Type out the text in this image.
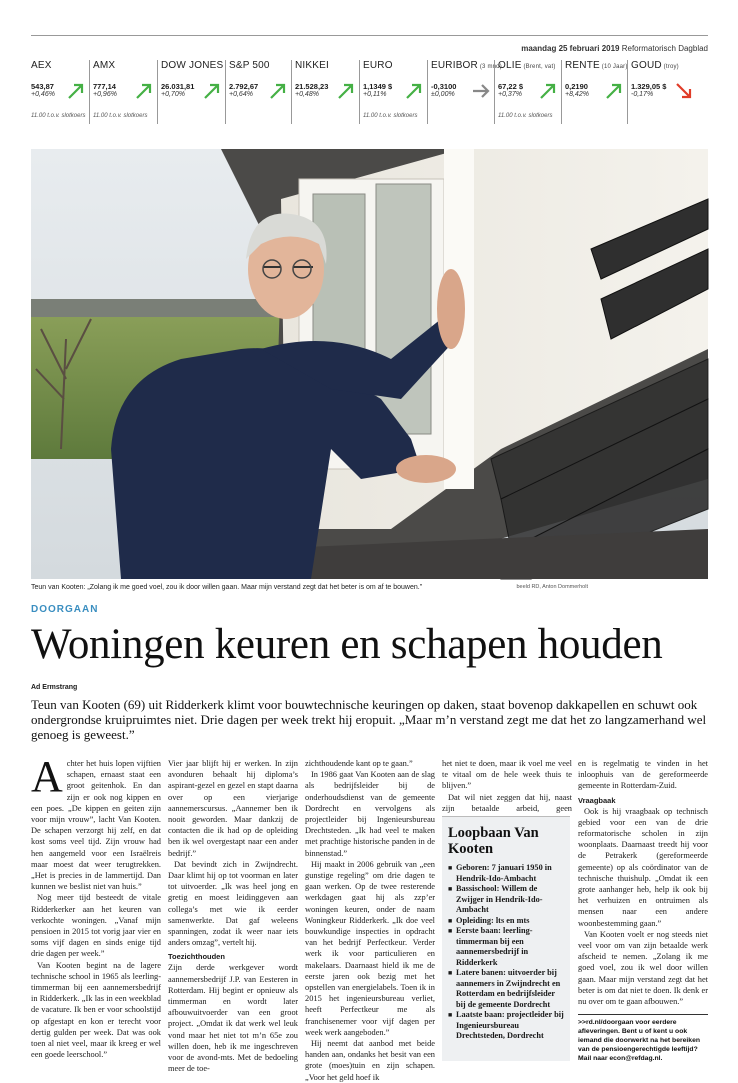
maandag 25 februari 2019 Reformatorisch Dagblad
AEX
543,87
+0,46%
11.00 t.o.v. slotkoers
AMX
777,14
+0,96%
11.00 t.o.v. slotkoers
DOW JONES
26.031,81
+0,70%
S&P 500
2.792,67
+0,64%
NIKKEI
21.528,23
+0,48%
EURO
1,1349 $
+0,11%
11.00 t.o.v. slotkoers
EURIBOR (3 mnd)
-0,3100
±0,00%
OLIE (Brent, vat)
67,22 $
+0,37%
11.00 t.o.v. slotkoers
RENTE (10 Jaar)
0,2190
+8,42%
GOUD (troy)
1.329,05 $
-0,17%
Teun van Kooten: „Zolang ik me goed voel, zou ik door willen gaan. Maar mijn verstand zegt dat het beter is om af te bouwen.”	beeld RD, Anton Dommerholt
DOORGAAN
Woningen keuren en schapen houden
Ad Ermstrang
Teun van Kooten (69) uit Ridderkerk klimt voor bouwtechnische keuringen op daken, staat bovenop dakkapellen en schuwt ook ondergrondse kruipruimtes niet. Drie dagen per week trekt hij eropuit. „Maar m’n verstand zegt me dat het zo langzamerhand wel genoeg is geweest.”
A chter het huis lopen vijftien schapen, ernaast staat een groot geitenhok. En dan zijn er ook nog kippen en een poes. „De kippen en geiten zijn voor mijn vrouw”, lacht Van Kooten. De schapen verzorgt hij zelf, en dat kost soms veel tijd. Zijn vrouw had hen aangemeld voor een Israëlreis maar moest dat weer terugtrekken. „Het is precies in de lammertijd. Dan kunnen we beslist niet van huis.”

Nog meer tijd besteedt de vitale Ridderkerker aan het keuren van verkochte woningen. „Vanaf mijn pensioen in 2015 tot vorig jaar vier en soms vijf dagen en sinds enige tijd drie dagen per week.”

Van Kooten begint na de lagere technische school in 1965 als leerling-timmerman bij een aannemersbedrijf in Ridderkerk. „Ik las in een weekblad de vacature. Ik ben er voor schoolstijd op afgestapt en kon er terecht voor dertig gulden per week. Dat was ook toen al niet veel, maar ik kreeg er wel een goede leerschool.”

Vier jaar blijft hij er werken. In zijn avonduren behaalt hij diploma’s aspirant-gezel en gezel en stapt daarna over op een vierjarige aannemerscursus. „Aannemer ben ik nooit geworden. Maar dankzij de contacten die ik had op de opleiding ben ik wel overgestapt naar een ander bedrijf.”

Dat bevindt zich in Zwijndrecht. Daar klimt hij op tot voorman en later tot uitvoerder. „Ik was heel jong en gretig en moest leidinggeven aan collega’s met wie ik eerder samenwerkte. Dat gaf weleens spanningen, zodat ik weer naar iets anders omzag”, vertelt hij.

Toezichthouden

Zijn derde werkgever wordt aannemersbedrijf J.P. van Eesteren in Rotterdam. Hij begint er opnieuw als timmerman en wordt later afbouwuitvoerder van een groot project. „Omdat ik dat werk wel leuk vond maar het niet tot m’n 65e zou willen doen, heb ik me ingeschreven voor de avond-mts. Met de bedoeling meer de toe-

zichthoudende kant op te gaan.”

In 1986 gaat Van Kooten aan de slag als bedrijfsleider bij de onderhoudsdienst van de gemeente Dordrecht en vervolgens als projectleider bij Ingenieursbureau Drechtsteden. „Ik had veel te maken met prachtige historische panden in de binnenstad.”

Hij maakt in 2006 gebruik van „een gunstige regeling” om drie dagen te gaan werken. Op de twee resterende werkdagen gaat hij als zzp’er woningen keuren, onder de naam Woningkeur Ridderkerk. „Ik doe veel bouwkundige inspecties in opdracht van het bedrijf Perfectkeur. Verder werk ik voor particulieren en makelaars. Daarnaast hield ik me de eerste jaren ook bezig met het opstellen van energielabels. Toen ik in 2015 het ingenieursbureau verliet, heeft Perfectkeur me als franchisenemer voor vijf dagen per week werk aangeboden.”

Hij neemt dat aanbod met beide handen aan, ondanks het besit van een grote (moes)tuin en zijn schapen. „Voor het geld hoef ik

het niet te doen, maar ik voel me veel te vitaal om de hele week thuis te blijven.”

Dat wil niet zeggen dat hij, naast zijn betaalde arbeid, geen

Loopbaan Van Kooten
■ Geboren: 7 januari 1950 in Hendrik-Ido-Ambacht
■ Bassischool: Willem de Zwijger in Hendrik-Ido-Ambacht
■ Opleiding: lts en mts
■ Eerste baan: leerling-timmerman bij een aannemersbedrijf in Ridderkerk
■ Latere banen: uitvoerder bij aannemers in Zwijndrecht en Rotterdam en bedrijfsleider bij de gemeente Dordrecht
■ Laatste baan: projectleider bij Ingenieursbureau Drechtsteden, Dordrecht

en is regelmatig te vinden in het inloophuis van de gereformeerde gemeente in Rotterdam-Zuid.

Vraagbaak

Ook is hij vraagbaak op technisch gebied voor een van de drie reformatorische scholen in zijn woonplaats. Daarnaast treedt hij voor de Petrakerk (gereformeerde gemeente) op als coördinator van de technische thuishulp. „Omdat ik een grote aanhanger heb, help ik ook bij het verhuizen en ontruimen als mensen naar een andere woonbestemming gaan.”

Van Kooten voelt er nog steeds niet veel voor om van zijn betaalde werk afscheid te nemen. „Zolang ik me goed voel, zou ik wel door willen gaan. Maar mijn verstand zegt dat het beter is om dat niet te doen. Ik denk er nu over om te gaan afbouwen.”

>>rd.nl/doorgaan voor eerdere afleveringen. Bent u of kent u ook iemand die doorwerkt na het bereiken van de pensioengerechtigde leeftijd? Mail naar econ@refdag.nl.
